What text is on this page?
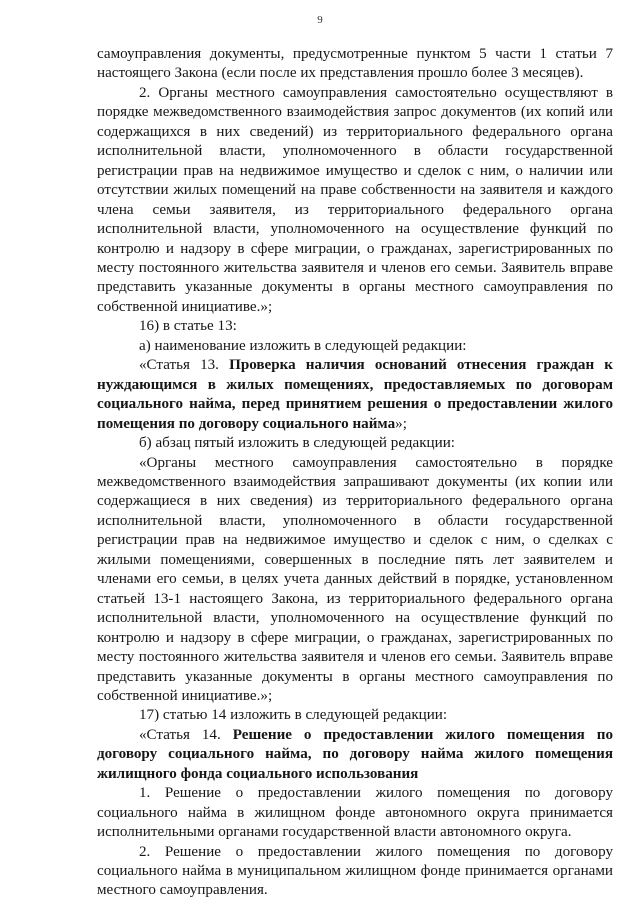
9

самоуправления документы, предусмотренные пунктом 5 части 1 статьи 7 настоящего Закона (если после их представления прошло более 3 месяцев).

2. Органы местного самоуправления самостоятельно осуществляют в порядке межведомственного взаимодействия запрос документов (их копий или содержащихся в них сведений) из территориального федерального органа исполнительной власти, уполномоченного в области государственной регистрации прав на недвижимое имущество и сделок с ним, о наличии или отсутствии жилых помещений на праве собственности на заявителя и каждого члена семьи заявителя, из территориального федерального органа исполнительной власти, уполномоченного на осуществление функций по контролю и надзору в сфере миграции, о гражданах, зарегистрированных по месту постоянного жительства заявителя и членов его семьи. Заявитель вправе представить указанные документы в органы местного самоуправления по собственной инициативе.»;

16) в статье 13:

а) наименование изложить в следующей редакции:

«Статья 13. Проверка наличия оснований отнесения граждан к нуждающимся в жилых помещениях, предоставляемых по договорам социального найма, перед принятием решения о предоставлении жилого помещения по договору социального найма»;

б) абзац пятый изложить в следующей редакции:

«Органы местного самоуправления самостоятельно в порядке межведомственного взаимодействия запрашивают документы (их копии или содержащиеся в них сведения) из территориального федерального органа исполнительной власти, уполномоченного в области государственной регистрации прав на недвижимое имущество и сделок с ним, о сделках с жилыми помещениями, совершенных в последние пять лет заявителем и членами его семьи, в целях учета данных действий в порядке, установленном статьей 13-1 настоящего Закона, из территориального федерального органа исполнительной власти, уполномоченного на осуществление функций по контролю и надзору в сфере миграции, о гражданах, зарегистрированных по месту постоянного жительства заявителя и членов его семьи. Заявитель вправе представить указанные документы в органы местного самоуправления по собственной инициативе.»;

17) статью 14 изложить в следующей редакции:

«Статья 14. Решение о предоставлении жилого помещения по договору социального найма, по договору найма жилого помещения жилищного фонда социального использования

1. Решение о предоставлении жилого помещения по договору социального найма в жилищном фонде автономного округа принимается исполнительными органами государственной власти автономного округа.

2. Решение о предоставлении жилого помещения по договору социального найма в муниципальном жилищном фонде принимается органами местного самоуправления.
